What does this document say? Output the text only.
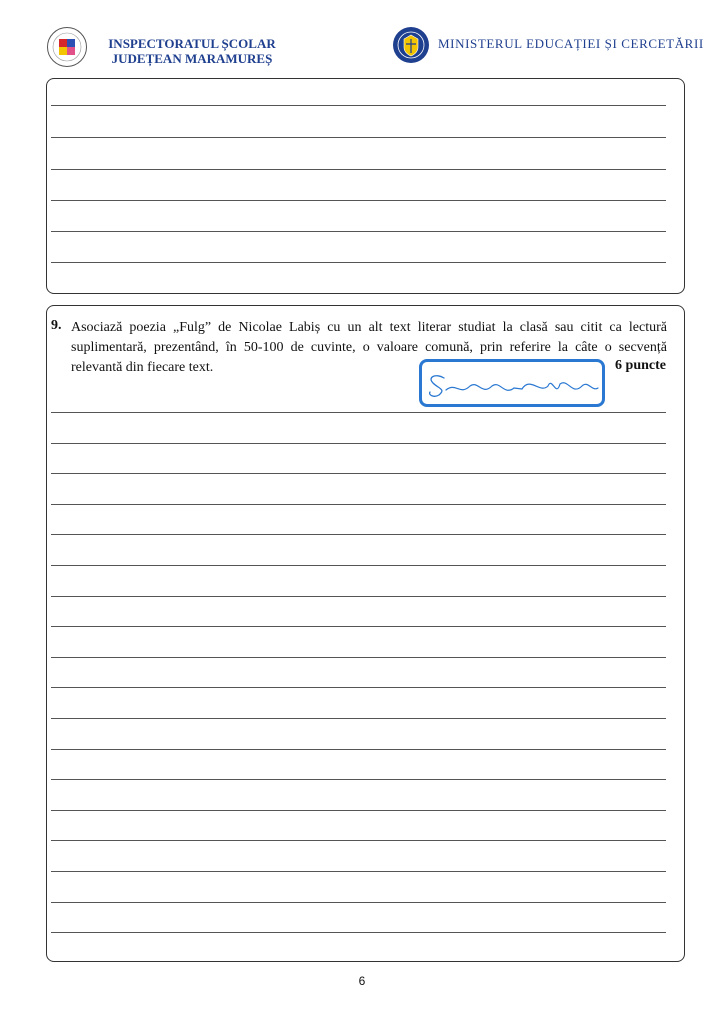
INSPECTORATUL ȘCOLAR
JUDEȚEAN MARAMUREȘ
MINISTERUL EDUCAȚIEI ȘI CERCETĂRII
9. Asociază poezia „Fulg” de Nicolae Labiș cu un alt text literar studiat la clasă sau citit ca lectură suplimentară, prezentând, în 50-100 de cuvinte, o valoare comună, prin referire la câte o secvență relevantă din fiecare text.	6 puncte
6
